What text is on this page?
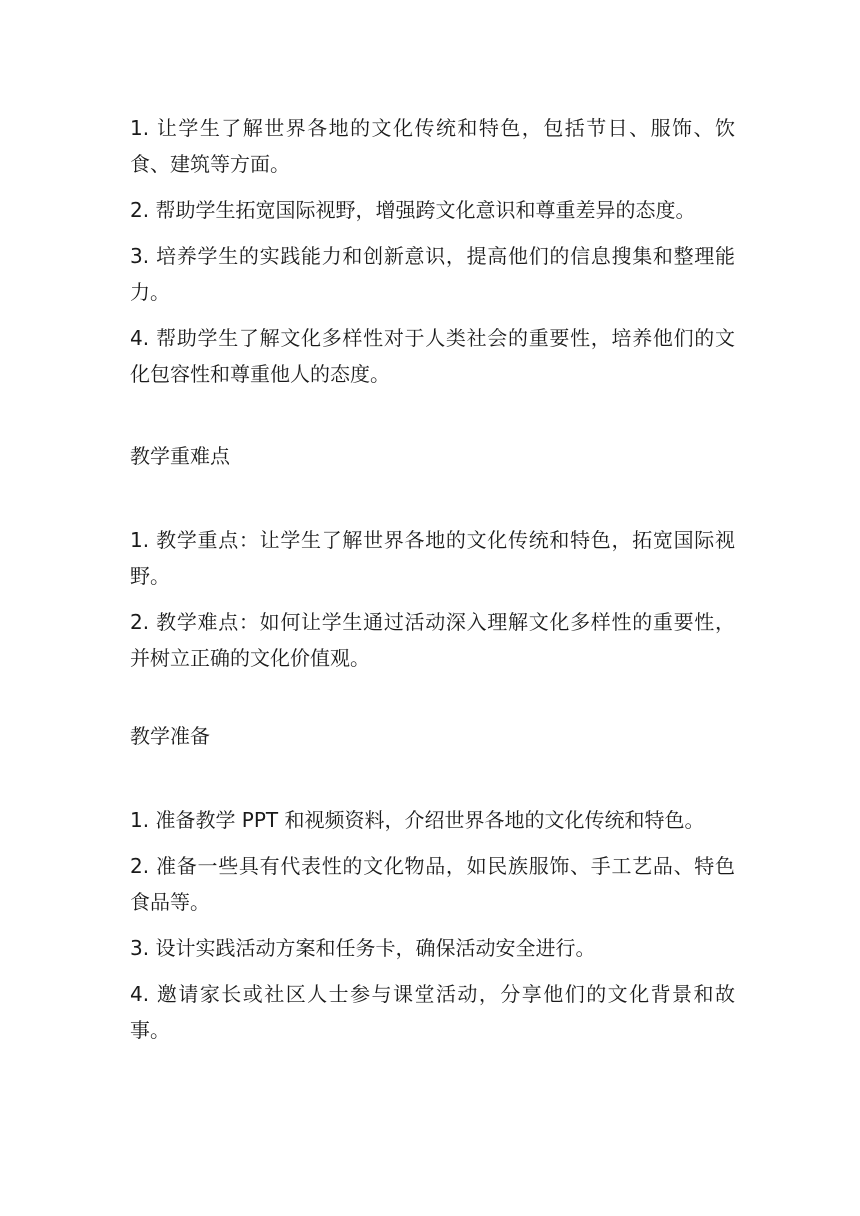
1. 让学生了解世界各地的文化传统和特色，包括节日、服饰、饮食、建筑等方面。

2. 帮助学生拓宽国际视野，增强跨文化意识和尊重差异的态度。

3. 培养学生的实践能力和创新意识，提高他们的信息搜集和整理能力。

4. 帮助学生了解文化多样性对于人类社会的重要性，培养他们的文化包容性和尊重他人的态度。

教学重难点

1. 教学重点：让学生了解世界各地的文化传统和特色，拓宽国际视野。

2. 教学难点：如何让学生通过活动深入理解文化多样性的重要性，并树立正确的文化价值观。

教学准备

1. 准备教学 PPT 和视频资料，介绍世界各地的文化传统和特色。

2. 准备一些具有代表性的文化物品，如民族服饰、手工艺品、特色食品等。

3. 设计实践活动方案和任务卡，确保活动安全进行。

4. 邀请家长或社区人士参与课堂活动，分享他们的文化背景和故事。
